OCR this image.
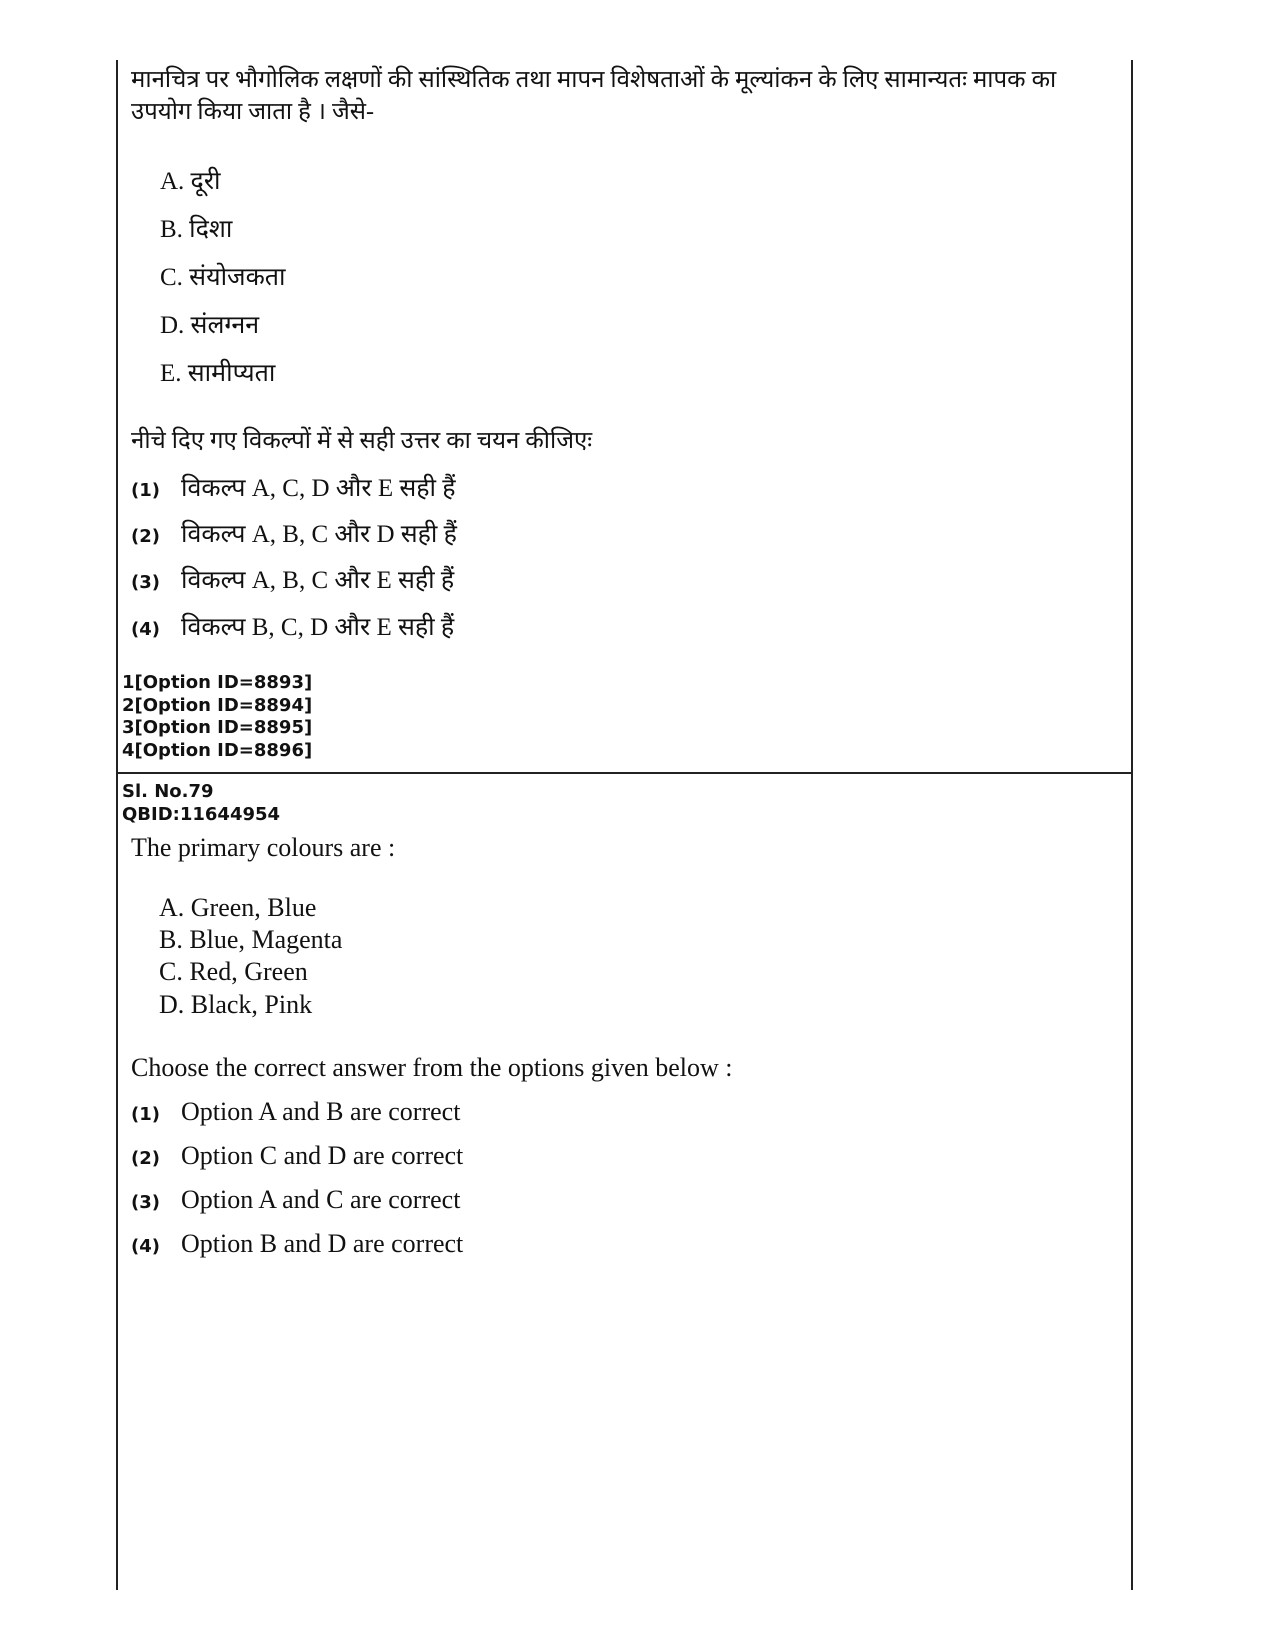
मानचित्र पर भौगोलिक लक्षणों की सांस्थितिक तथा मापन विशेषताओं के मूल्यांकन के लिए सामान्यतः मापक का उपयोग किया जाता है । जैसे-

A. दूरी
B. दिशा
C. संयोजकता
D. संलग्नन
E. सामीप्यता

नीचे दिए गए विकल्पों में से सही उत्तर का चयन कीजिएः

(1) विकल्प A, C, D और E सही हैं
(2) विकल्प A, B, C और D सही हैं
(3) विकल्प A, B, C और E सही हैं
(4) विकल्प B, C, D और E सही हैं
1[Option ID=8893]
2[Option ID=8894]
3[Option ID=8895]
4[Option ID=8896]
Sl. No.79
QBID:11644954

The primary colours are :

A. Green, Blue
B. Blue, Magenta
C. Red, Green
D. Black, Pink

Choose the correct answer from the options given below :

(1) Option A and B are correct
(2) Option C and D are correct
(3) Option A and C are correct
(4) Option B and D are correct
